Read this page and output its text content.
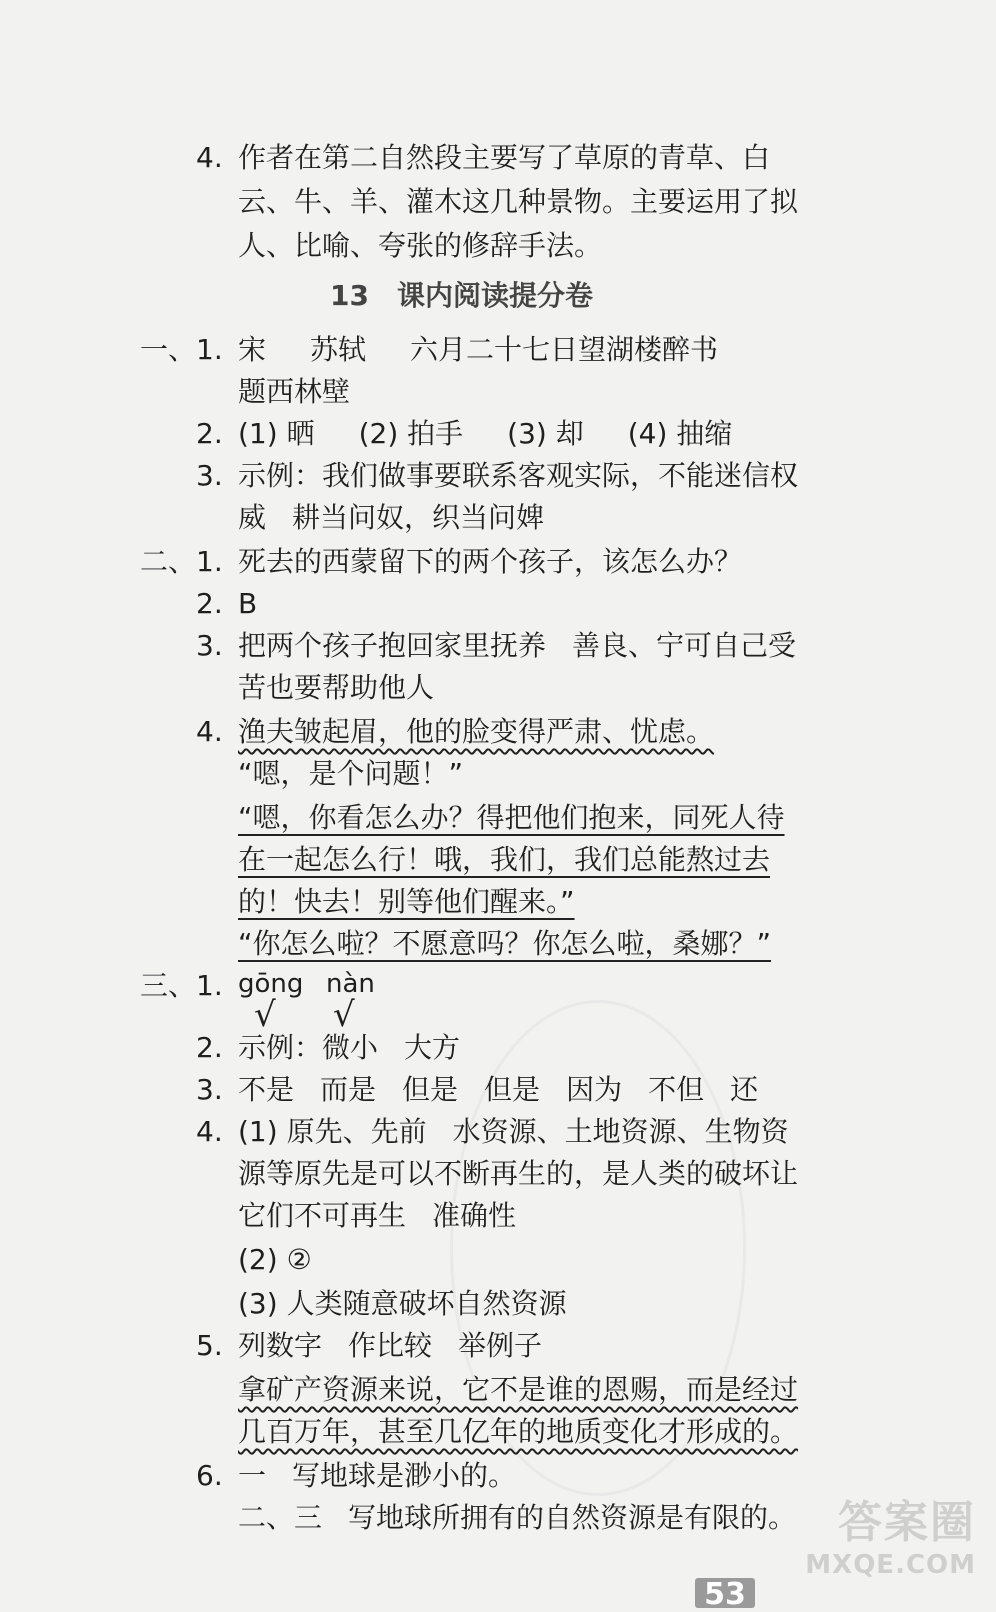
4. 作者在第二自然段主要写了草原的青草、白
云、牛、羊、灌木这几种景物。主要运用了拟
人、比喻、夸张的修辞手法。
13　课内阅读提分卷
一、1. 宋 苏轼 六月二十七日望湖楼醉书
题西林壁
2. (1) 晒 (2) 拍手 (3) 却 (4) 抽缩
3. 示例：我们做事要联系客观实际，不能迷信权
威 耕当问奴，织当问婢
二、1. 死去的西蒙留下的两个孩子，该怎么办？
2. B
3. 把两个孩子抱回家里抚养 善良、宁可自己受
苦也要帮助他人
4. 渔夫皱起眉，他的脸变得严肃、忧虑。
“嗯，是个问题！”
“嗯，你看怎么办？得把他们抱来，同死人待
在一起怎么行！哦，我们，我们总能熬过去
的！快去！别等他们醒来。”
“你怎么啦？不愿意吗？你怎么啦，桑娜？”
三、1. gōng nàn
√ √
2. 示例：微小 大方
3. 不是 而是 但是 但是 因为 不但 还
4. (1) 原先、先前 水资源、土地资源、生物资
源等原先是可以不断再生的，是人类的破坏让
它们不可再生 准确性
(2) ②
(3) 人类随意破坏自然资源
5. 列数字 作比较 举例子
拿矿产资源来说，它不是谁的恩赐，而是经过
几百万年，甚至几亿年的地质变化才形成的。
6. 一 写地球是渺小的。
二、三 写地球所拥有的自然资源是有限的。
53
答案圈
MXQE.COM
